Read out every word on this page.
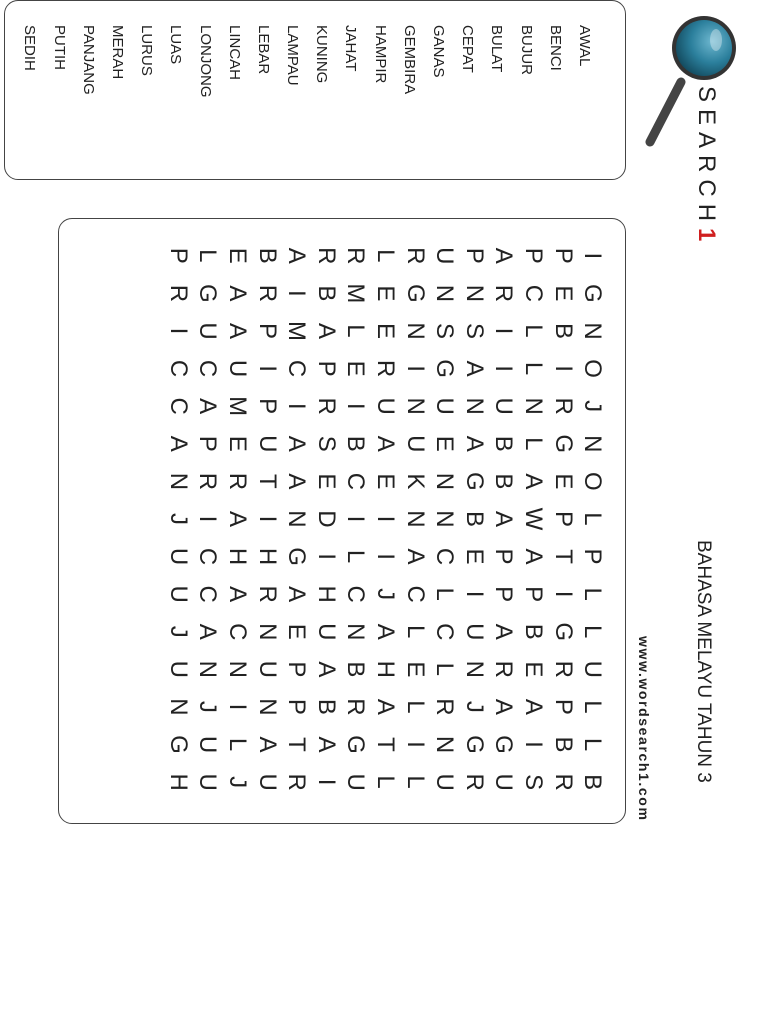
SEARCH1
BAHASA MELAYU TAHUN 3
www.wordsearch1.com
AWAL
BENCI
BUJUR
BULAT
CEPAT
GANAS
GEMBIRA
HAMPIR
JAHAT
KUNING
LAMPAU
LEBAR
LINCAH
LONJONG
LUAS
LURUS
MERAH
PANJANG
PUTIH
SEDIH
I
G
N
O
J
N
O
L
P
L
L
U
L
L
B
P
E
B
I
R
G
E
P
T
I
G
R
P
B
R
P
C
L
L
N
L
A
W
A
P
B
E
A
I
S
A
R
I
I
U
B
B
A
P
P
A
R
A
G
U
P
N
S
A
N
A
G
B
E
I
U
N
J
G
R
U
N
S
G
U
E
N
N
C
L
C
L
R
N
U
R
G
N
I
N
U
K
N
A
C
L
E
L
I
L
L
E
E
R
U
A
E
I
I
J
A
H
A
T
L
R
M
L
E
I
B
C
I
L
C
N
B
R
G
U
R
B
A
P
R
S
E
D
I
H
U
A
B
A
I
A
I
M
C
I
A
A
N
G
A
E
P
P
T
R
B
R
P
I
P
U
T
I
H
R
N
U
N
A
U
E
A
A
U
M
E
R
A
H
A
C
N
I
L
J
L
G
U
C
A
P
R
I
C
C
A
N
J
U
U
P
R
I
C
C
A
N
J
U
U
J
U
N
G
H
